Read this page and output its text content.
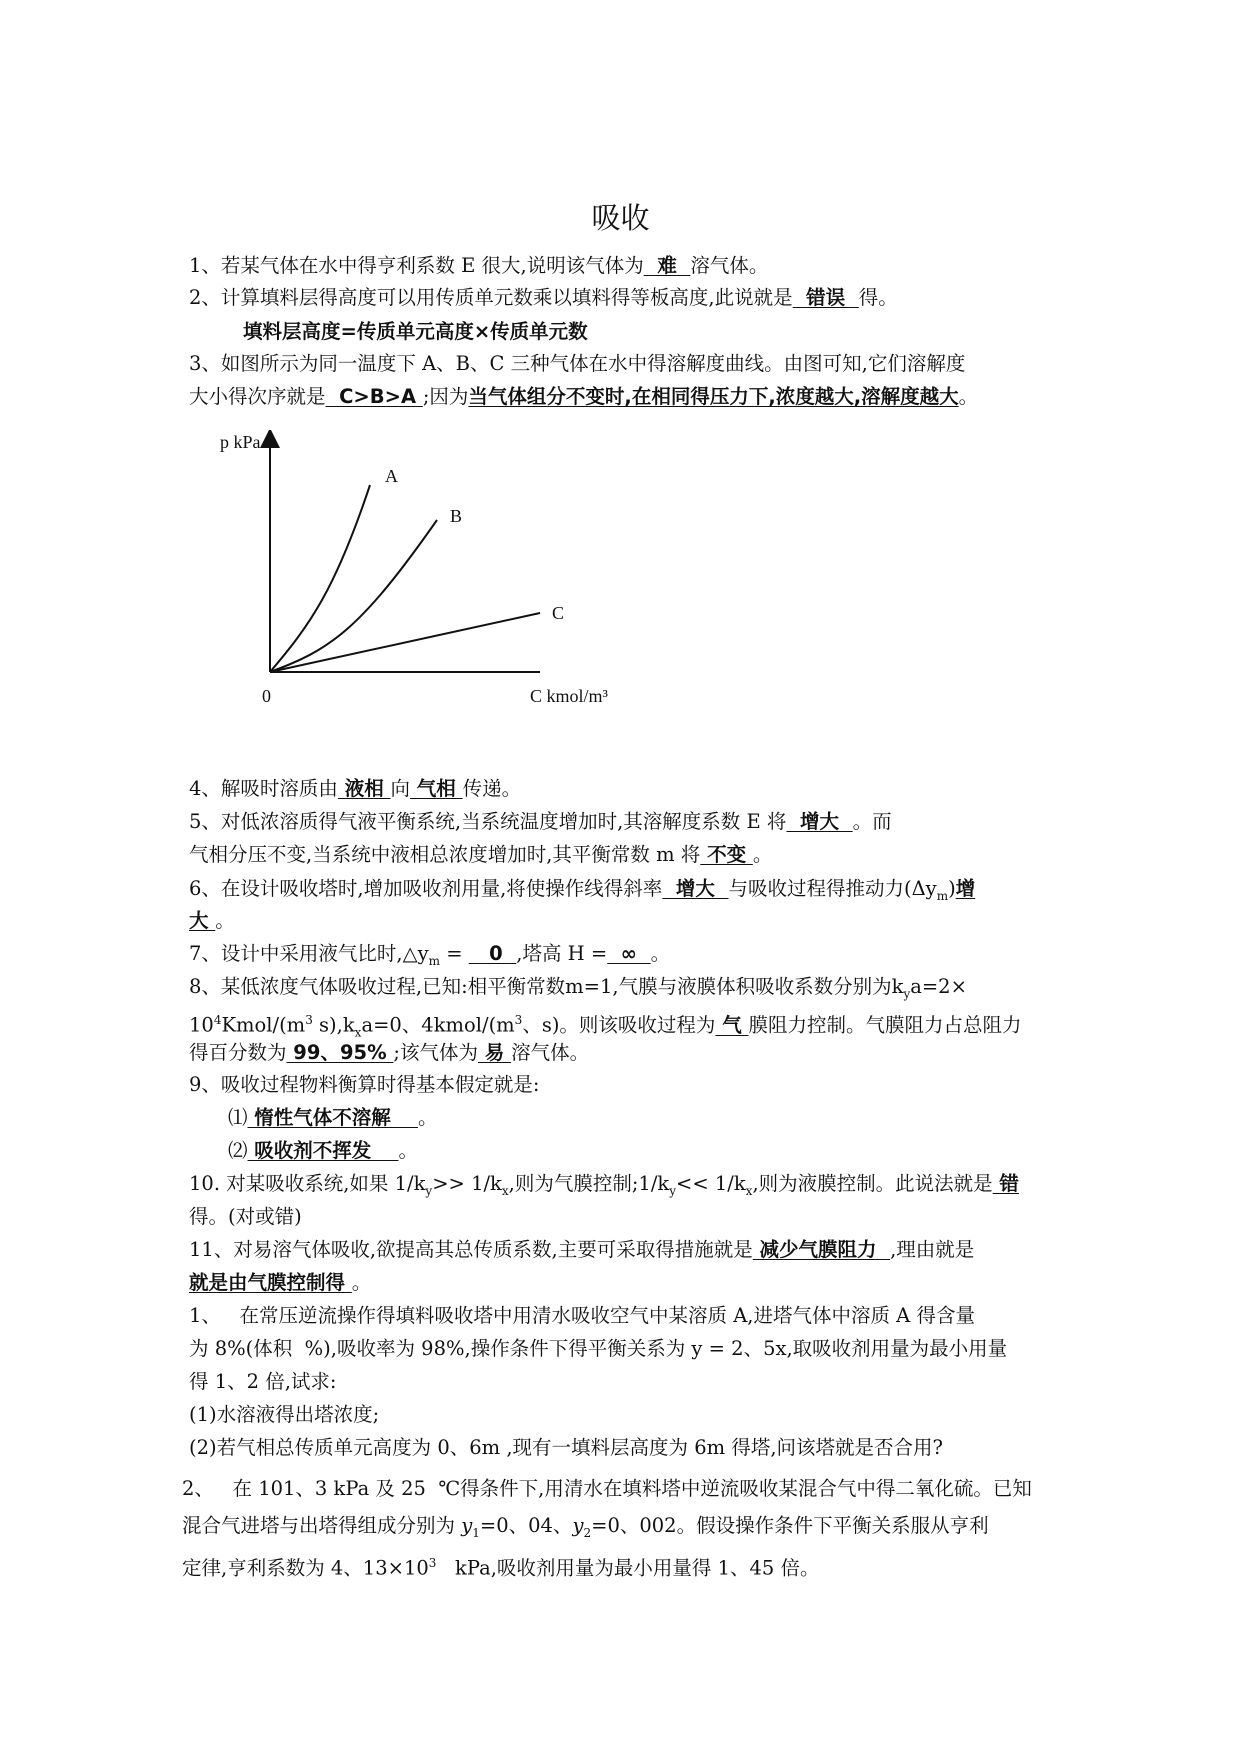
吸收
1、若某气体在水中得亨利系数 E 很大,说明该气体为  难  溶气体。
2、计算填料层得高度可以用传质单元数乘以填料得等板高度,此说就是  错误  得。
填料层高度=传质单元高度×传质单元数
3、如图所示为同一温度下 A、B、C 三种气体在水中得溶解度曲线。由图可知,它们溶解度
大小得次序就是  C>B>A ;因为当气体组分不变时,在相同得压力下,浓度越大,溶解度越大。
p kPa
0	C kmol/m³
A
B
C
4、解吸时溶质由 液相 向 气相 传递。
5、对低浓溶质得气液平衡系统,当系统温度增加时,其溶解度系数 E 将  增大  。而
气相分压不变,当系统中液相总浓度增加时,其平衡常数 m 将 不变 。
6、在设计吸收塔时,增加吸收剂用量,将使操作线得斜率  增大  与吸收过程得推动力$(\Delta y_m)$增
大 。
7、设计中采用液气比时$,\triangle y_m$ =    0  ,塔高 H =  ∞  。
8、某低浓度气体吸收过程,已知:相平衡常数m=1,气膜与液膜体积吸收系数分别为$k_ya=2\times$
$10^4Kmol/(m^3$ $s),k_xa=0$、$4kmol/(m^3$、s)。则该吸收过程为 气 膜阻力控制。气膜阻力占总阻力
得百分数为 99、95% ;该气体为 易 溶气体。
9、吸收过程物料衡算时得基本假定就是:
⑴ 惰性气体不溶解    。
⑵ 吸收剂不挥发    。
10. 对某吸收系统,如果 $1/k_y>> 1/k_x$,则为气膜控制$;1/k_y<< 1/k_x$,则为液膜控制。此说法就是 错
得。(对或错)
11、对易溶气体吸收,欲提高其总传质系数,主要可采取得措施就是 减少气膜阻力  ,理由就是
就是由气膜控制得 。
1、   在常压逆流操作得填料吸收塔中用清水吸收空气中某溶质 A,进塔气体中溶质 A 得含量
为 8%(体积  %),吸收率为 98%,操作条件下得平衡关系为 y = 2、5x,取吸收剂用量为最小用量
得 1、2 倍,试求:
(1)水溶液得出塔浓度;
(2)若气相总传质单元高度为 0、6m ,现有一填料层高度为 6m 得塔,问该塔就是否合用?
2、   在 101、3 kPa 及 25  ℃得条件下,用清水在填料塔中逆流吸收某混合气中得二氧化硫。已知
混合气进塔与出塔得组成分别为 $y_1=0$、04、$y_2=0$、002。假设操作条件下平衡关系服从亨利
定律,亨利系数为 4、$13\times 10^3$   kPa,吸收剂用量为最小用量得 1、45 倍。
